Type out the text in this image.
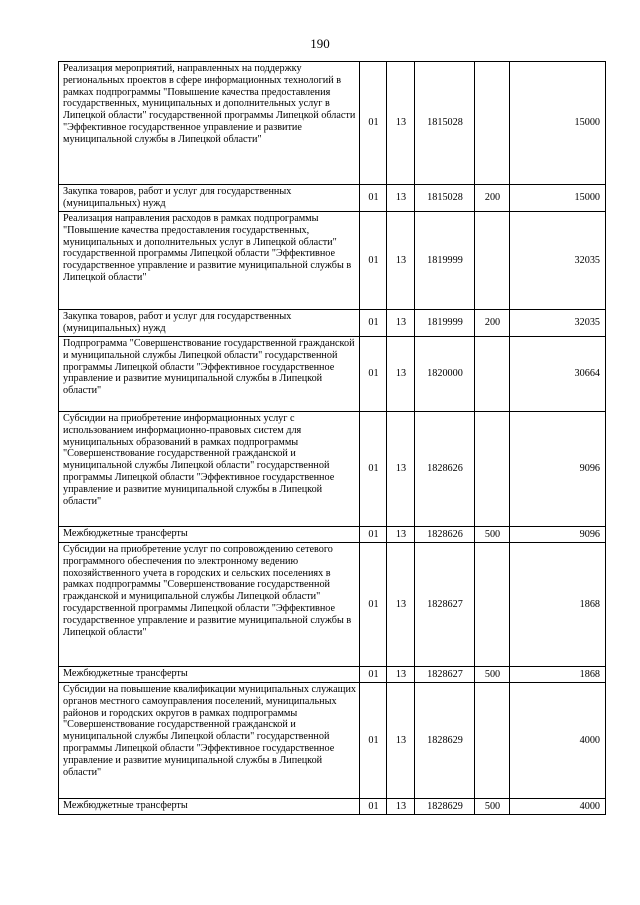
190
Реализация мероприятий, направленных на поддержку региональных проектов в сфере информационных технологий в рамках подпрограммы "Повышение качества предоставления государственных, муниципальных и дополнительных услуг в Липецкой области" государственной программы Липецкой области "Эффективное государственное управление и развитие муниципальной службы в Липецкой области"	01	13	1815028		15000
Закупка товаров, работ и услуг для государственных (муниципальных) нужд	01	13	1815028	200	15000
Реализация направления расходов в рамках подпрограммы "Повышение качества предоставления государственных, муниципальных и дополнительных услуг в Липецкой области" государственной программы Липецкой области "Эффективное государственное управление и развитие муниципальной службы в Липецкой области"	01	13	1819999		32035
Закупка товаров, работ и услуг для государственных (муниципальных) нужд	01	13	1819999	200	32035
Подпрограмма "Совершенствование государственной гражданской и муниципальной службы Липецкой области" государственной программы Липецкой области "Эффективное государственное управление и развитие муниципальной службы в Липецкой области"	01	13	1820000		30664
Субсидии на приобретение информационных услуг с использованием информационно-правовых систем для муниципальных образований в рамках подпрограммы "Совершенствование государственной гражданской и муниципальной службы Липецкой области" государственной программы Липецкой области "Эффективное государственное управление и развитие муниципальной службы в Липецкой области"	01	13	1828626		9096
Межбюджетные трансферты	01	13	1828626	500	9096
Субсидии на приобретение услуг по сопровождению сетевого программного обеспечения по электронному ведению похозяйственного учета в городских и сельских поселениях в рамках подпрограммы "Совершенствование государственной гражданской и муниципальной службы Липецкой области" государственной программы Липецкой области "Эффективное государственное управление и развитие муниципальной службы в Липецкой области"	01	13	1828627		1868
Межбюджетные трансферты	01	13	1828627	500	1868
Субсидии на повышение квалификации муниципальных служащих органов местного самоуправления поселений, муниципальных районов и городских округов в рамках подпрограммы "Совершенствование государственной гражданской и муниципальной службы Липецкой области" государственной программы Липецкой области "Эффективное государственное управление и развитие муниципальной службы в Липецкой области"	01	13	1828629		4000
Межбюджетные трансферты	01	13	1828629	500	4000
